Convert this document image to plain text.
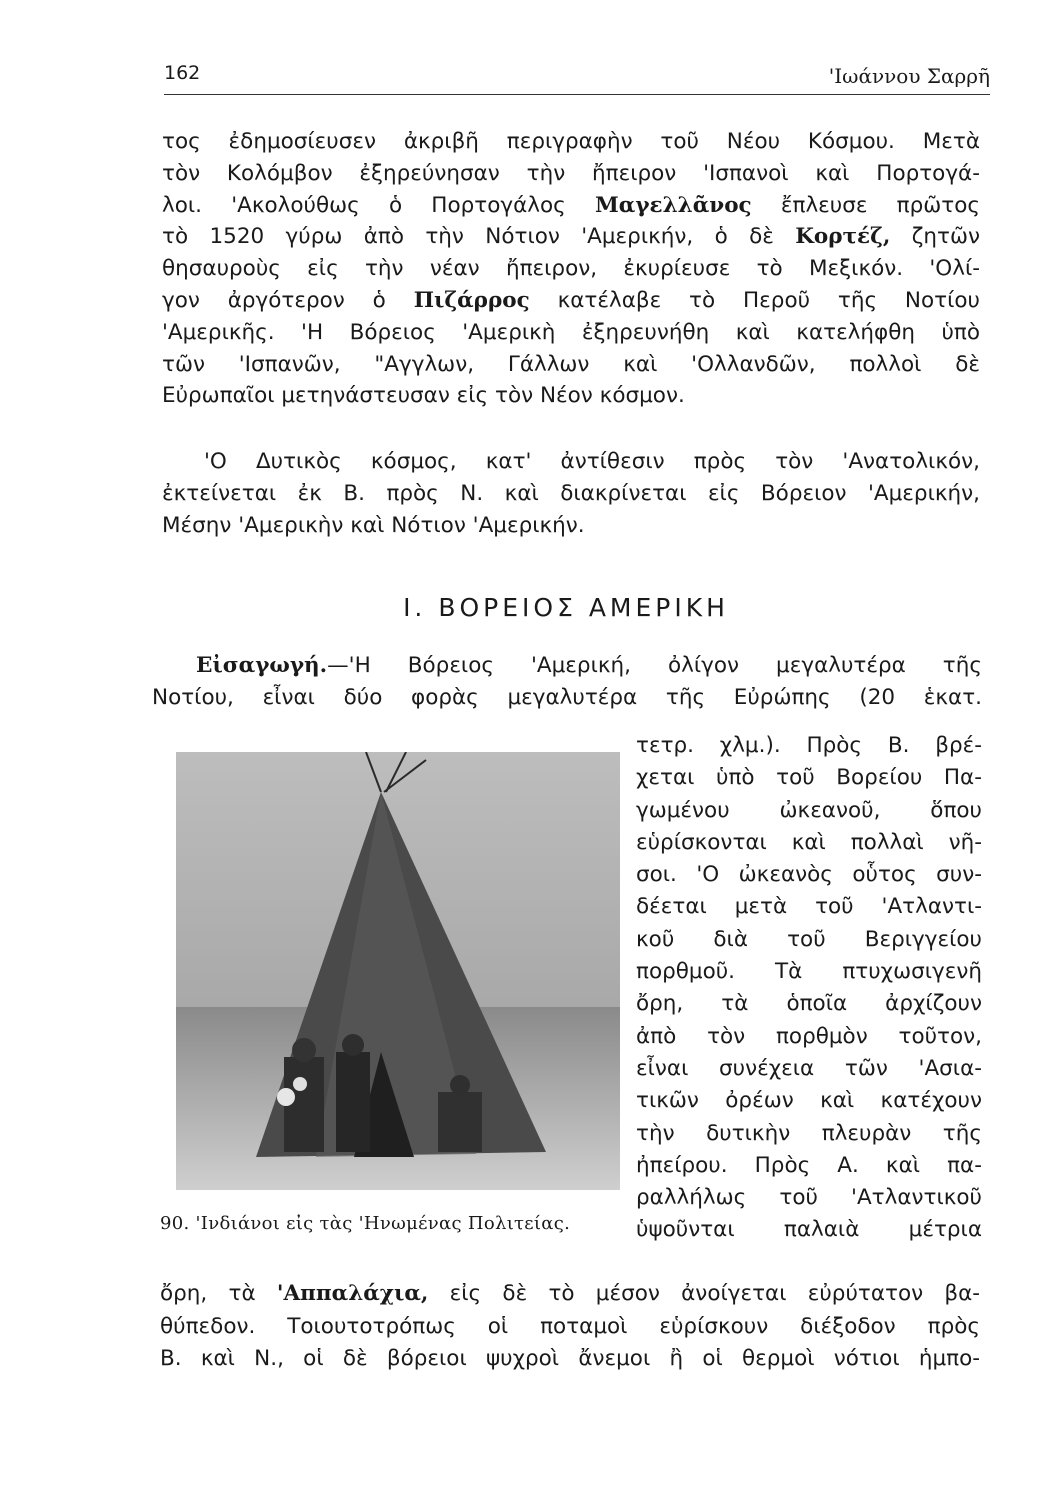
162	'Ιωάννου Σαρρῆ
τος ἐδημοσίευσεν ἀκριβῆ περιγραφὴν τοῦ Νέου Κόσμου. Μετὰ
τὸν Κολόμβον ἐξηρεύνησαν τὴν ἤπειρον 'Ισπανοὶ καὶ Πορτογά-
λοι. 'Ακολούθως ὁ Πορτογάλος Μαγελλᾶνος ἔπλευσε πρῶτος
τὸ 1520 γύρω ἀπὸ τὴν Νότιον 'Αμερικήν, ὁ δὲ Κορτέζ, ζητῶν
θησαυροὺς εἰς τὴν νέαν ἤπειρον, ἐκυρίευσε τὸ Μεξικόν. 'Ολί-
γον ἀργότερον ὁ Πιζάρρος κατέλαβε τὸ Περοῦ τῆς Νοτίου
'Αμερικῆς. 'Η Βόρειος 'Αμερικὴ ἐξηρευνήθη καὶ κατελήφθη ὑπὸ
τῶν 'Ισπανῶν, "Αγγλων, Γάλλων καὶ 'Ολλανδῶν, πολλοὶ δὲ
Εὐρωπαῖοι μετηνάστευσαν εἰς τὸν Νέον κόσμον.
'Ο Δυτικὸς κόσμος, κατ' ἀντίθεσιν πρὸς τὸν 'Ανατολικόν,
ἐκτείνεται ἐκ Β. πρὸς Ν. καὶ διακρίνεται εἰς Βόρειον 'Αμερικήν,
Μέσην 'Αμερικὴν καὶ Νότιον 'Αμερικήν.
I. ΒΟΡΕΙΟΣ ΑΜΕΡΙΚΗ
Εἰσαγωγή.—'Η Βόρειος 'Αμερική, ὀλίγον μεγαλυτέρα τῆς
Νοτίου, εἶναι δύο φορὰς μεγαλυτέρα τῆς Εὐρώπης (20 ἑκατ.
90. 'Ινδιάνοι εἰς τὰς 'Ηνωμένας Πολιτείας.
τετρ. χλμ.). Πρὸς Β. βρέ-
χεται ὑπὸ τοῦ Βορείου Πα-
γωμένου ὠκεανοῦ, ὅπου
εὑρίσκονται καὶ πολλαὶ νῆ-
σοι. 'Ο ὠκεανὸς οὗτος συν-
δέεται μετὰ τοῦ 'Ατλαντι-
κοῦ διὰ τοῦ Βεριγγείου
πορθμοῦ. Τὰ πτυχωσιγενῆ
ὄρη, τὰ ὁποῖα ἀρχίζουν
ἀπὸ τὸν πορθμὸν τοῦτον,
εἶναι συνέχεια τῶν 'Ασια-
τικῶν ὀρέων καὶ κατέχουν
τὴν δυτικὴν πλευρὰν τῆς
ἠπείρου. Πρὸς Α. καὶ πα-
ραλλήλως τοῦ 'Ατλαντικοῦ
ὑψοῦνται παλαιὰ μέτρια
ὄρη, τὰ 'Αππαλάχια, εἰς δὲ τὸ μέσον ἀνοίγεται εὐρύτατον βα-
θύπεδον. Τοιουτοτρόπως οἱ ποταμοὶ εὑρίσκουν διέξοδον πρὸς
Β. καὶ Ν., οἱ δὲ βόρειοι ψυχροὶ ἄνεμοι ἢ οἱ θερμοὶ νότιοι ἡμπο-
